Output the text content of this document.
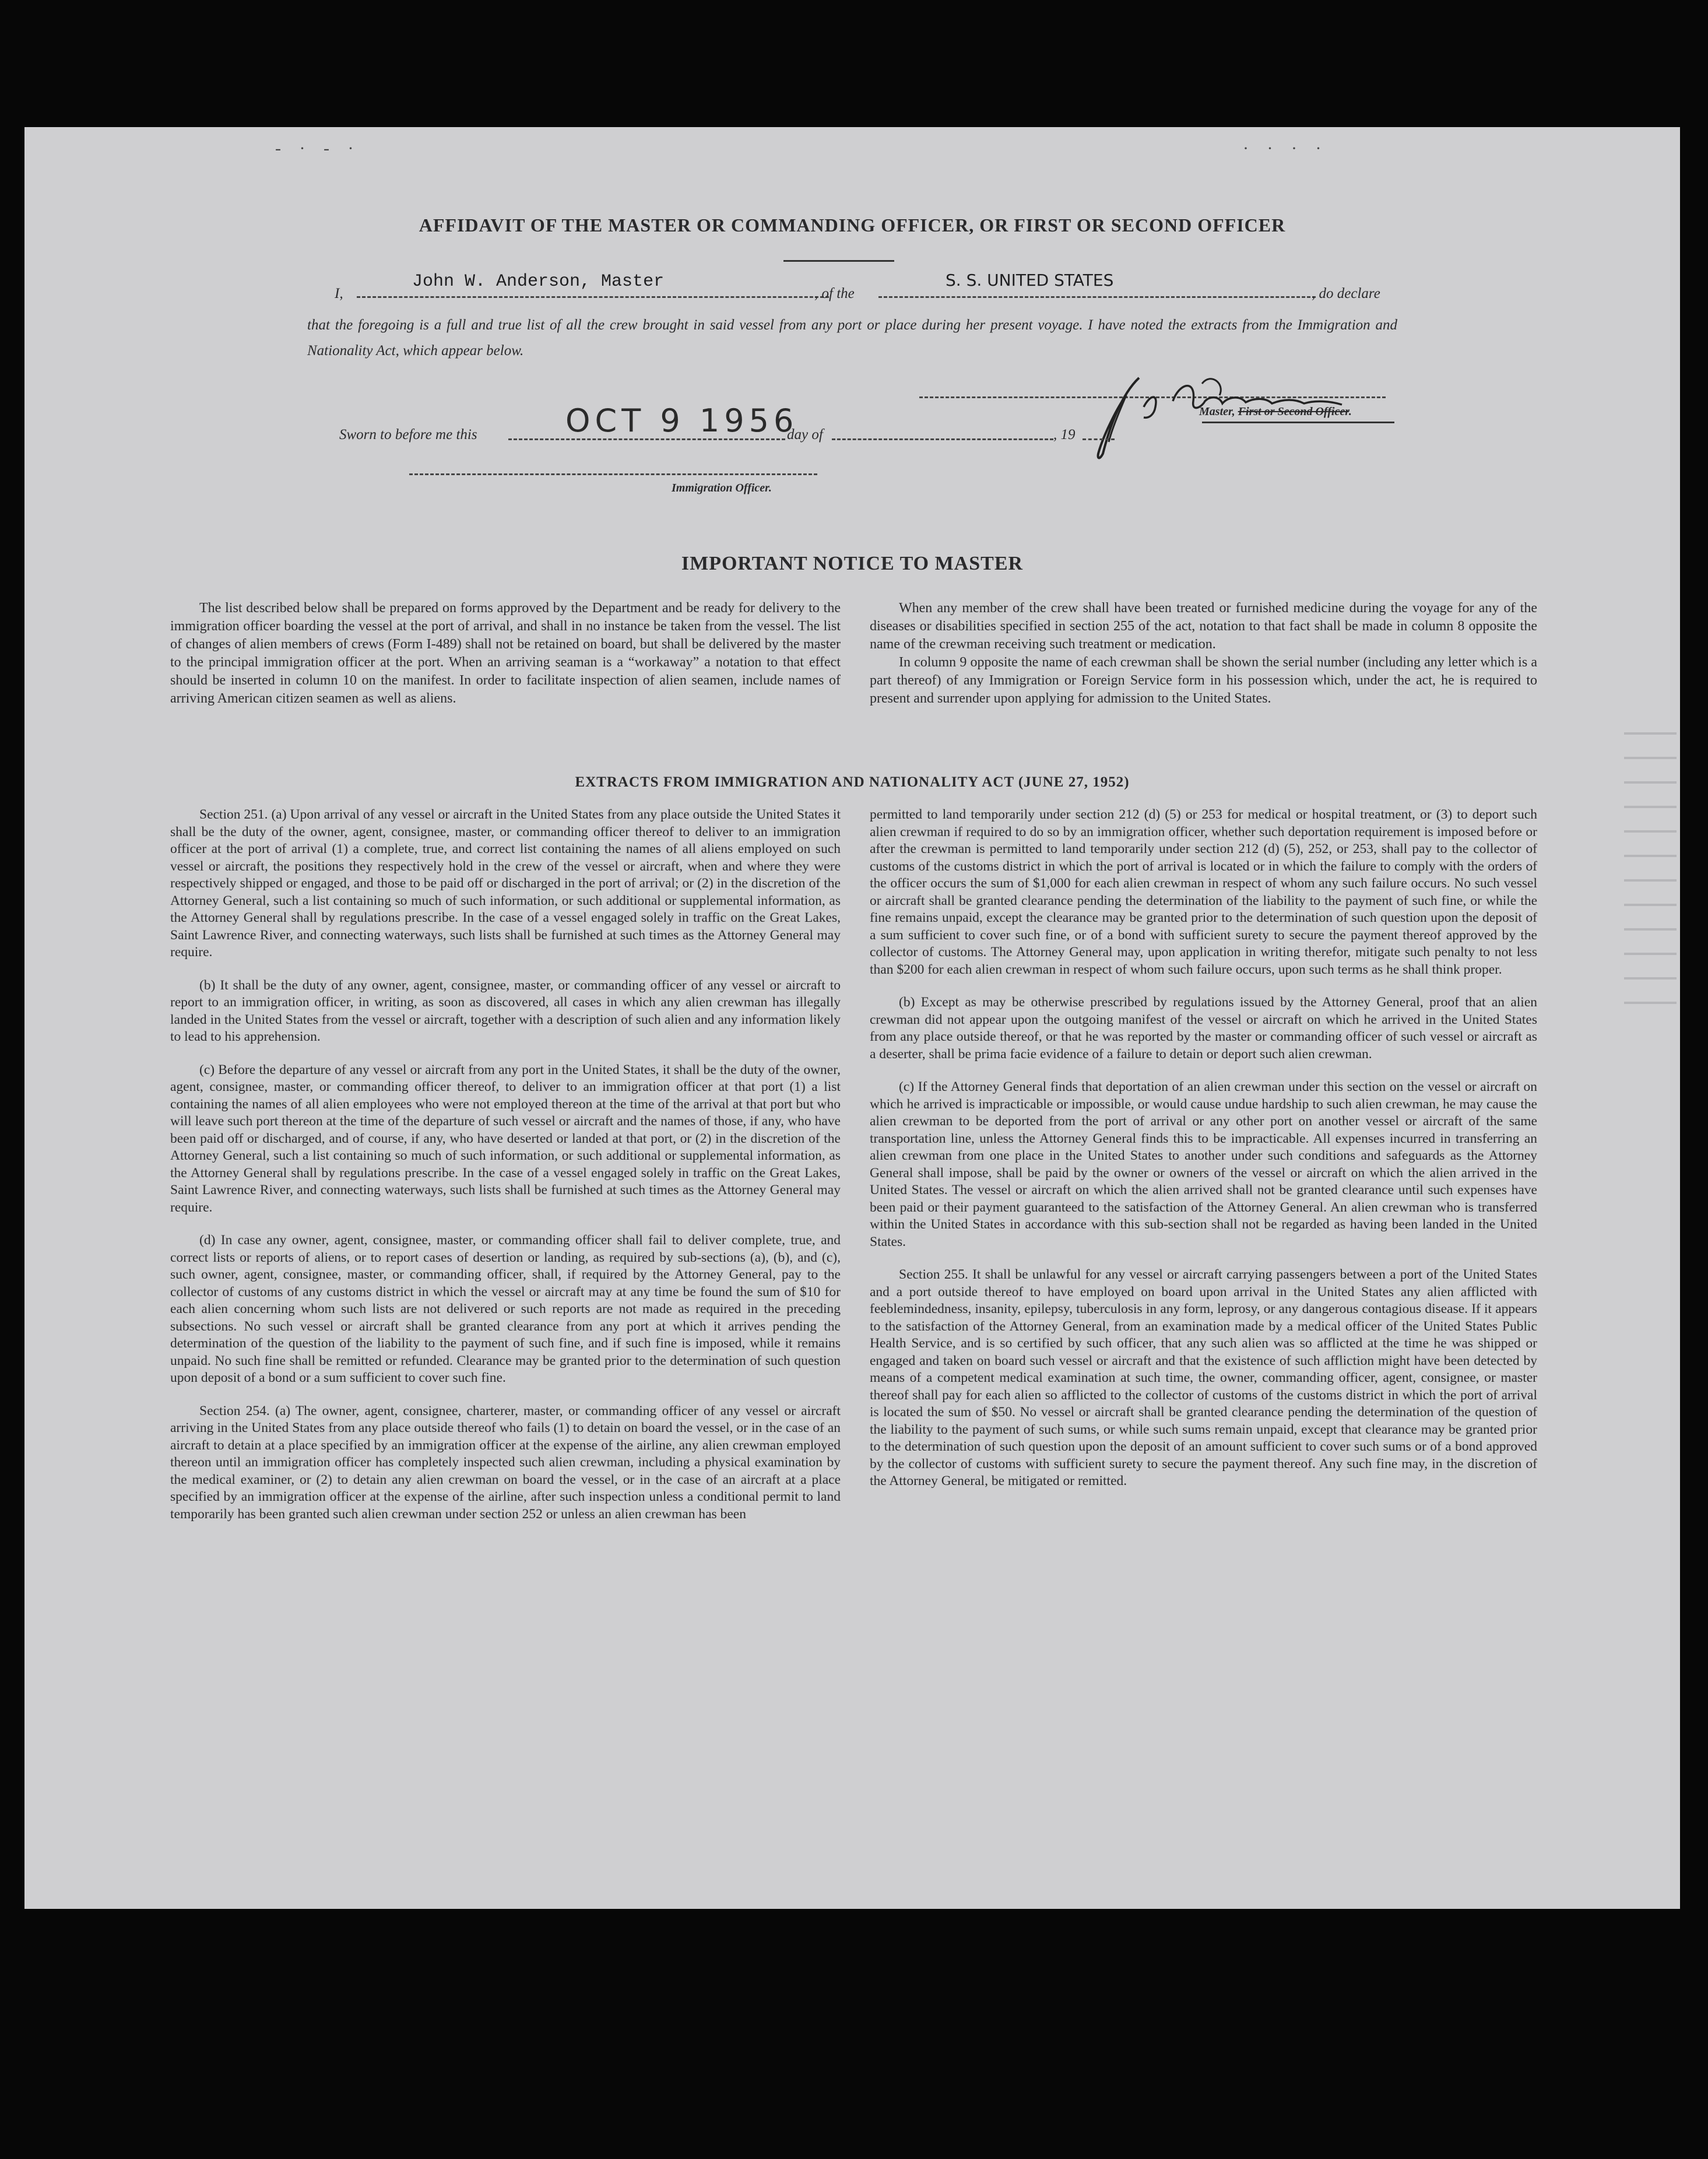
- · - ·	· · · ·
AFFIDAVIT OF THE MASTER OR COMMANDING OFFICER, OR FIRST OR SECOND OFFICER
I,
John W. Anderson, Master
, of the
S. S. UNITED STATES
, do declare
that the foregoing is a full and true list of all the crew brought in said vessel from any port or place during her present voyage. I have noted the extracts from the Immigration and Nationality Act, which appear below.
Master, First or Second Officer.
Sworn to before me this	OCT 9 1956
day of	, 19
Immigration Officer.
IMPORTANT NOTICE TO MASTER

The list described below shall be prepared on forms approved by the Department and be ready for delivery to the immigration officer boarding the vessel at the port of arrival, and shall in no instance be taken from the vessel. The list of changes of alien members of crews (Form I-489) shall not be retained on board, but shall be delivered by the master to the principal immigration officer at the port. When an arriving seaman is a “workaway” a notation to that effect should be inserted in column 10 on the manifest. In order to facilitate inspection of alien seamen, include names of arriving American citizen seamen as well as aliens.

When any member of the crew shall have been treated or furnished medicine during the voyage for any of the diseases or disabilities specified in section 255 of the act, notation to that fact shall be made in column 8 opposite the name of the crewman receiving such treatment or medication.

In column 9 opposite the name of each crewman shall be shown the serial number (including any letter which is a part thereof) of any Immigration or Foreign Service form in his possession which, under the act, he is required to present and surrender upon applying for admission to the United States.

EXTRACTS FROM IMMIGRATION AND NATIONALITY ACT (JUNE 27, 1952)

Section 251. (a) Upon arrival of any vessel or aircraft in the United States from any place outside the United States it shall be the duty of the owner, agent, consignee, master, or commanding officer thereof to deliver to an immigration officer at the port of arrival (1) a complete, true, and correct list containing the names of all aliens employed on such vessel or aircraft, the positions they respectively hold in the crew of the vessel or aircraft, when and where they were respectively shipped or engaged, and those to be paid off or discharged in the port of arrival; or (2) in the discretion of the Attorney General, such a list containing so much of such information, or such additional or supplemental information, as the Attorney General shall by regulations prescribe. In the case of a vessel engaged solely in traffic on the Great Lakes, Saint Lawrence River, and connecting waterways, such lists shall be furnished at such times as the Attorney General may require.

(b) It shall be the duty of any owner, agent, consignee, master, or commanding officer of any vessel or aircraft to report to an immigration officer, in writing, as soon as discovered, all cases in which any alien crewman has illegally landed in the United States from the vessel or aircraft, together with a description of such alien and any information likely to lead to his apprehension.

(c) Before the departure of any vessel or aircraft from any port in the United States, it shall be the duty of the owner, agent, consignee, master, or commanding officer thereof, to deliver to an immigration officer at that port (1) a list containing the names of all alien employees who were not employed thereon at the time of the arrival at that port but who will leave such port thereon at the time of the departure of such vessel or aircraft and the names of those, if any, who have been paid off or discharged, and of course, if any, who have deserted or landed at that port, or (2) in the discretion of the Attorney General, such a list containing so much of such information, or such additional or supplemental information, as the Attorney General shall by regulations prescribe. In the case of a vessel engaged solely in traffic on the Great Lakes, Saint Lawrence River, and connecting waterways, such lists shall be furnished at such times as the Attorney General may require.

(d) In case any owner, agent, consignee, master, or commanding officer shall fail to deliver complete, true, and correct lists or reports of aliens, or to report cases of desertion or landing, as required by sub-sections (a), (b), and (c), such owner, agent, consignee, master, or commanding officer, shall, if required by the Attorney General, pay to the collector of customs of any customs district in which the vessel or aircraft may at any time be found the sum of $10 for each alien concerning whom such lists are not delivered or such reports are not made as required in the preceding subsections. No such vessel or aircraft shall be granted clearance from any port at which it arrives pending the determination of the question of the liability to the payment of such fine, and if such fine is imposed, while it remains unpaid. No such fine shall be remitted or refunded. Clearance may be granted prior to the determination of such question upon deposit of a bond or a sum sufficient to cover such fine.

Section 254. (a) The owner, agent, consignee, charterer, master, or commanding officer of any vessel or aircraft arriving in the United States from any place outside thereof who fails (1) to detain on board the vessel, or in the case of an aircraft to detain at a place specified by an immigration officer at the expense of the airline, any alien crewman employed thereon until an immigration officer has completely inspected such alien crewman, including a physical examination by the medical examiner, or (2) to detain any alien crewman on board the vessel, or in the case of an aircraft at a place specified by an immigration officer at the expense of the airline, after such inspection unless a conditional permit to land temporarily has been granted such alien crewman under section 252 or unless an alien crewman has been

permitted to land temporarily under section 212 (d) (5) or 253 for medical or hospital treatment, or (3) to deport such alien crewman if required to do so by an immigration officer, whether such deportation requirement is imposed before or after the crewman is permitted to land temporarily under section 212 (d) (5), 252, or 253, shall pay to the collector of customs of the customs district in which the port of arrival is located or in which the failure to comply with the orders of the officer occurs the sum of $1,000 for each alien crewman in respect of whom any such failure occurs. No such vessel or aircraft shall be granted clearance pending the determination of the liability to the payment of such fine, or while the fine remains unpaid, except the clearance may be granted prior to the determination of such question upon the deposit of a sum sufficient to cover such fine, or of a bond with sufficient surety to secure the payment thereof approved by the collector of customs. The Attorney General may, upon application in writing therefor, mitigate such penalty to not less than $200 for each alien crewman in respect of whom such failure occurs, upon such terms as he shall think proper.

(b) Except as may be otherwise prescribed by regulations issued by the Attorney General, proof that an alien crewman did not appear upon the outgoing manifest of the vessel or aircraft on which he arrived in the United States from any place outside thereof, or that he was reported by the master or commanding officer of such vessel or aircraft as a deserter, shall be prima facie evidence of a failure to detain or deport such alien crewman.

(c) If the Attorney General finds that deportation of an alien crewman under this section on the vessel or aircraft on which he arrived is impracticable or impossible, or would cause undue hardship to such alien crewman, he may cause the alien crewman to be deported from the port of arrival or any other port on another vessel or aircraft of the same transportation line, unless the Attorney General finds this to be impracticable. All expenses incurred in transferring an alien crewman from one place in the United States to another under such conditions and safeguards as the Attorney General shall impose, shall be paid by the owner or owners of the vessel or aircraft on which the alien arrived in the United States. The vessel or aircraft on which the alien arrived shall not be granted clearance until such expenses have been paid or their payment guaranteed to the satisfaction of the Attorney General. An alien crewman who is transferred within the United States in accordance with this sub-section shall not be regarded as having been landed in the United States.

Section 255. It shall be unlawful for any vessel or aircraft carrying passengers between a port of the United States and a port outside thereof to have employed on board upon arrival in the United States any alien afflicted with feeblemindedness, insanity, epilepsy, tuberculosis in any form, leprosy, or any dangerous contagious disease. If it appears to the satisfaction of the Attorney General, from an examination made by a medical officer of the United States Public Health Service, and is so certified by such officer, that any such alien was so afflicted at the time he was shipped or engaged and taken on board such vessel or aircraft and that the existence of such affliction might have been detected by means of a competent medical examination at such time, the owner, commanding officer, agent, consignee, or master thereof shall pay for each alien so afflicted to the collector of customs of the customs district in which the port of arrival is located the sum of $50. No vessel or aircraft shall be granted clearance pending the determination of the question of the liability to the payment of such sums, or while such sums remain unpaid, except that clearance may be granted prior to the determination of such question upon the deposit of an amount sufficient to cover such sums or of a bond approved by the collector of customs with sufficient surety to secure the payment thereof. Any such fine may, in the discretion of the Attorney General, be mitigated or remitted.
